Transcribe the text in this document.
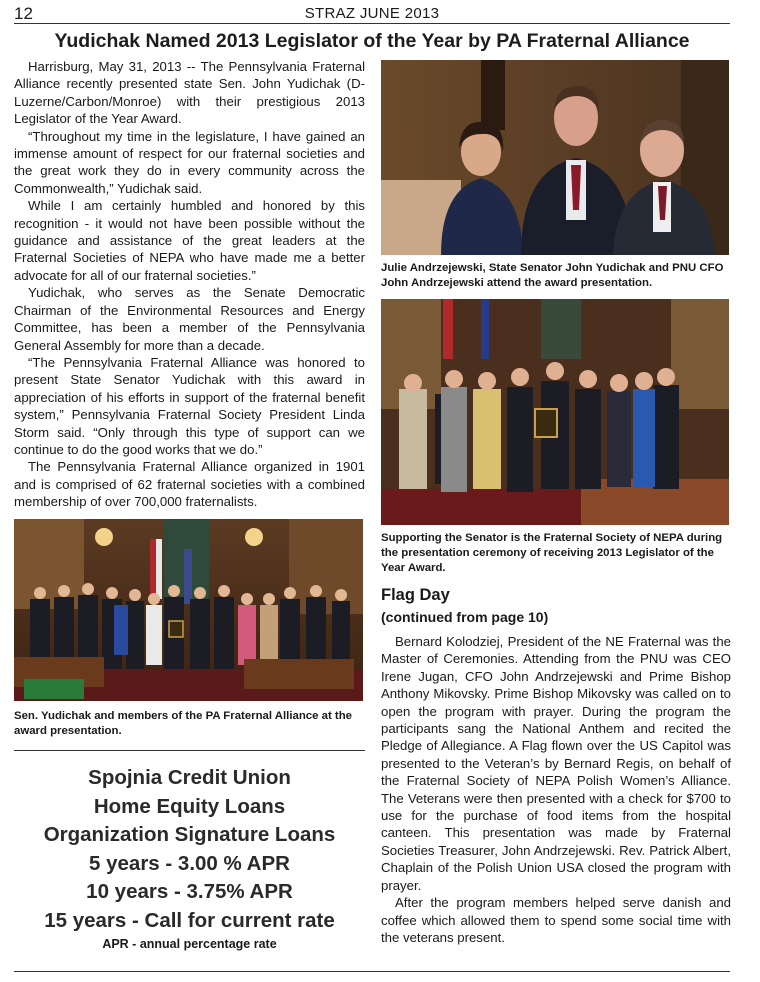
12	STRAZ JUNE 2013
Yudichak Named 2013 Legislator of the Year by PA Fraternal Alliance

Harrisburg, May 31, 2013 -- The Pennsylvania Fraternal Alliance recently presented state Sen. John Yudichak (D-Luzerne/Carbon/Monroe) with their prestigious 2013 Legislator of the Year Award.

“Throughout my time in the legislature, I have gained an immense amount of respect for our fraternal societies and the great work they do in every community across the Commonwealth,” Yudichak said.

While I am certainly humbled and honored by this recognition - it would not have been possible without the guidance and assistance of the great leaders at the Fraternal Societies of NEPA who have made me a better advocate for all of our fraternal societies.”

Yudichak, who serves as the Senate Democratic Chairman of the Environmental Resources and Energy Committee, has been a member of the Pennsylvania General Assembly for more than a decade.

“The Pennsylvania Fraternal Alliance was honored to present State Senator Yudichak with this award in appreciation of his efforts in support of the fraternal benefit system,” Pennsylvania Fraternal Society President Linda Storm said. “Only through this type of support can we continue to do the good works that we do.”

The Pennsylvania Fraternal Alliance organized in 1901 and is comprised of 62 fraternal societies with a combined membership of over 700,000 fraternalists.

Sen. Yudichak and members of the PA Fraternal Alliance at the award presentation.
Julie Andrzejewski, State Senator John Yudichak and PNU CFO John Andrzejewski attend the award presentation.
Supporting the Senator is the Fraternal Society of NEPA during the presentation ceremony of receiving 2013 Legislator of the Year Award.
Flag Day
(continued from page 10)

Bernard Kolodziej, President of the NE Fraternal was the Master of Ceremonies. Attending from the PNU was CEO Irene Jugan, CFO John Andrzejewski and Prime Bishop Anthony Mikovsky. Prime Bishop Mikovsky was called on to open the program with prayer. During the program the participants sang the National Anthem and recited the Pledge of Allegiance. A Flag flown over the US Capitol was presented to the Veteran’s by Bernard Regis, on behalf of the Fraternal Society of NEPA Polish Women’s Alliance. The Veterans were then presented with a check for $700 to use for the purchase of food items from the hospital canteen. This presentation was made by Fraternal Societies Treasurer, John Andrzejewski. Rev. Patrick Albert, Chaplain of the Polish Union USA closed the program with prayer.

After the program members helped serve danish and coffee which allowed them to spend some social time with the veterans present.

Spojnia Credit Union
Home Equity Loans
Organization Signature Loans
5 years - 3.00 % APR
10 years - 3.75% APR
15 years - Call for current rate
APR - annual percentage rate
